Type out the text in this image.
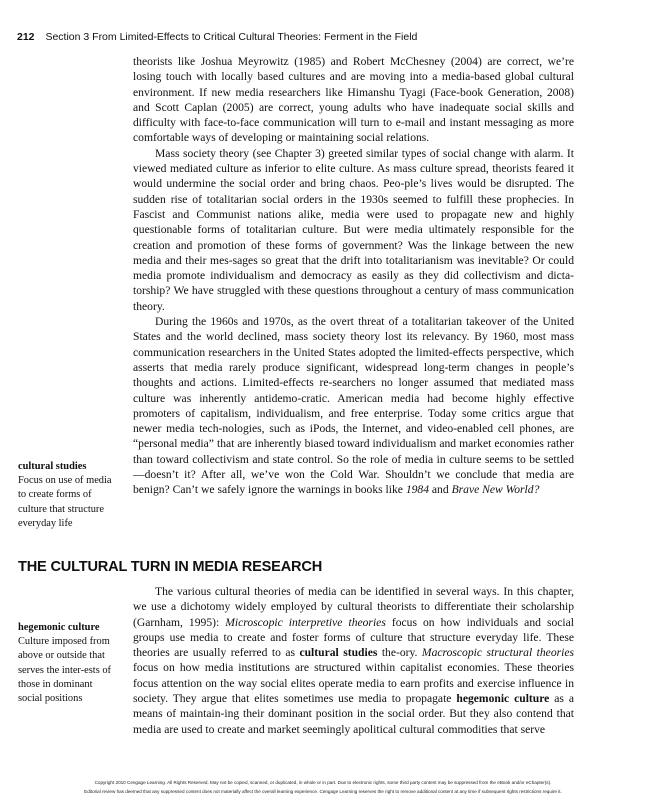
212 Section 3 From Limited-Effects to Critical Cultural Theories: Ferment in the Field

theorists like Joshua Meyrowitz (1985) and Robert McChesney (2004) are correct, we’re losing touch with locally based cultures and are moving into a media-based global cultural environment. If new media researchers like Himanshu Tyagi (Face-book Generation, 2008) and Scott Caplan (2005) are correct, young adults who have inadequate social skills and difficulty with face-to-face communication will turn to e-mail and instant messaging as more comfortable ways of developing or maintaining social relations.

Mass society theory (see Chapter 3) greeted similar types of social change with alarm. It viewed mediated culture as inferior to elite culture. As mass culture spread, theorists feared it would undermine the social order and bring chaos. Peo-ple’s lives would be disrupted. The sudden rise of totalitarian social orders in the 1930s seemed to fulfill these prophecies. In Fascist and Communist nations alike, media were used to propagate new and highly questionable forms of totalitarian culture. But were media ultimately responsible for the creation and promotion of these forms of government? Was the linkage between the new media and their mes-sages so great that the drift into totalitarianism was inevitable? Or could media promote individualism and democracy as easily as they did collectivism and dicta-torship? We have struggled with these questions throughout a century of mass communication theory.

During the 1960s and 1970s, as the overt threat of a totalitarian takeover of the United States and the world declined, mass society theory lost its relevancy. By 1960, most mass communication researchers in the United States adopted the limited-effects perspective, which asserts that media rarely produce significant, widespread long-term changes in people’s thoughts and actions. Limited-effects re-searchers no longer assumed that mediated mass culture was inherently antidemo-cratic. American media had become highly effective promoters of capitalism, individualism, and free enterprise. Today some critics argue that newer media tech-nologies, such as iPods, the Internet, and video-enabled cell phones, are “personal media” that are inherently biased toward individualism and market economies rather than toward collectivism and state control. So the role of media in culture seems to be settled—doesn’t it? After all, we’ve won the Cold War. Shouldn’t we conclude that media are benign? Can’t we safely ignore the warnings in books like 1984 and Brave New World?

cultural studies
Focus on use of media to create forms of culture that structure everyday life
THE CULTURAL TURN IN MEDIA RESEARCH

The various cultural theories of media can be identified in several ways. In this chapter, we use a dichotomy widely employed by cultural theorists to differentiate their scholarship (Garnham, 1995): Microscopic interpretive theories focus on how individuals and social groups use media to create and foster forms of culture that structure everyday life. These theories are usually referred to as cultural studies the-ory. Macroscopic structural theories focus on how media institutions are structured within capitalist economies. These theories focus attention on the way social elites operate media to earn profits and exercise influence in society. They argue that elites sometimes use media to propagate hegemonic culture as a means of maintain-ing their dominant position in the social order. But they also contend that media are used to create and market seemingly apolitical cultural commodities that serve

hegemonic culture
Culture imposed from above or outside that serves the inter-ests of those in dominant social positions
Copyright 2010 Cengage Learning. All Rights Reserved. May not be copied, scanned, or duplicated, in whole or in part. Due to electronic rights, some third party content may be suppressed from the eBook and/or eChapter(s).
Editorial review has deemed that any suppressed content does not materially affect the overall learning experience. Cengage Learning reserves the right to remove additional content at any time if subsequent rights restrictions require it.
